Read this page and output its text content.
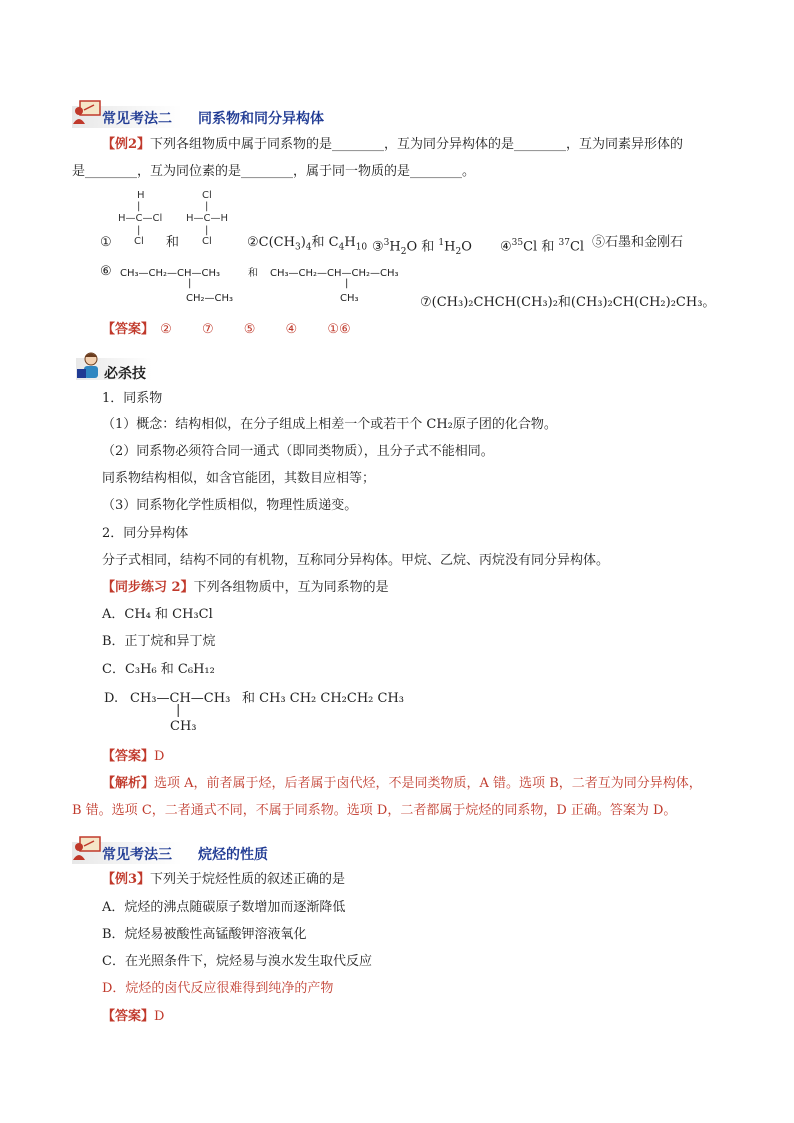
常见考法二 同系物和同分异构体
【例2】下列各组物质中属于同系物的是________，互为同分异构体的是________，互为同素异形体的
是________，互为同位素的是________，属于同一物质的是________。
①
H
|
H—C—Cl
|
Cl 和
Cl
|
H—C—H
|
Cl	$②C(CH_3)_4$和 $C_4H_{10}$ $③^3H_2O$ 和 $^1H_2O$ ④$^{35}$Cl 和 $^{37}$Cl ⑤石墨和金刚石
⑥ CH₃—CH₂—CH—CH₃
|
CH₂—CH₃
和 CH₃—CH₂—CH—CH₂—CH₃
|
CH₃	⑦(CH₃)₂CHCH(CH₃)₂和(CH₃)₂CH(CH₂)₂CH₃。
【答案】 ② ⑦ ⑤ ④ ①⑥
必杀技
1．同系物
（1）概念：结构相似，在分子组成上相差一个或若干个 CH₂原子团的化合物。
（2）同系物必须符合同一通式（即同类物质），且分子式不能相同。
同系物结构相似，如含官能团，其数目应相等；
（3）同系物化学性质相似，物理性质递变。
2．同分异构体
分子式相同，结构不同的有机物，互称同分异构体。甲烷、乙烷、丙烷没有同分异构体。
【同步练习 2】下列各组物质中，互为同系物的是
A．CH₄ 和 CH₃Cl
B．正丁烷和异丁烷
C．C₃H₆ 和 C₆H₁₂
D. CH₃—CH—CH₃ 和 CH₃ CH₂ CH₂CH₂ CH₃
|
CH₃
【答案】D
【解析】选项 A，前者属于烃，后者属于卤代烃，不是同类物质，A 错。选项 B，二者互为同分异构体，
B 错。选项 C，二者通式不同，不属于同系物。选项 D，二者都属于烷烃的同系物，D 正确。答案为 D。
常见考法三 烷烃的性质
【例3】下列关于烷烃性质的叙述正确的是
A．烷烃的沸点随碳原子数增加而逐渐降低
B．烷烃易被酸性高锰酸钾溶液氧化
C．在光照条件下，烷烃易与溴水发生取代反应
D．烷烃的卤代反应很难得到纯净的产物
【答案】D
